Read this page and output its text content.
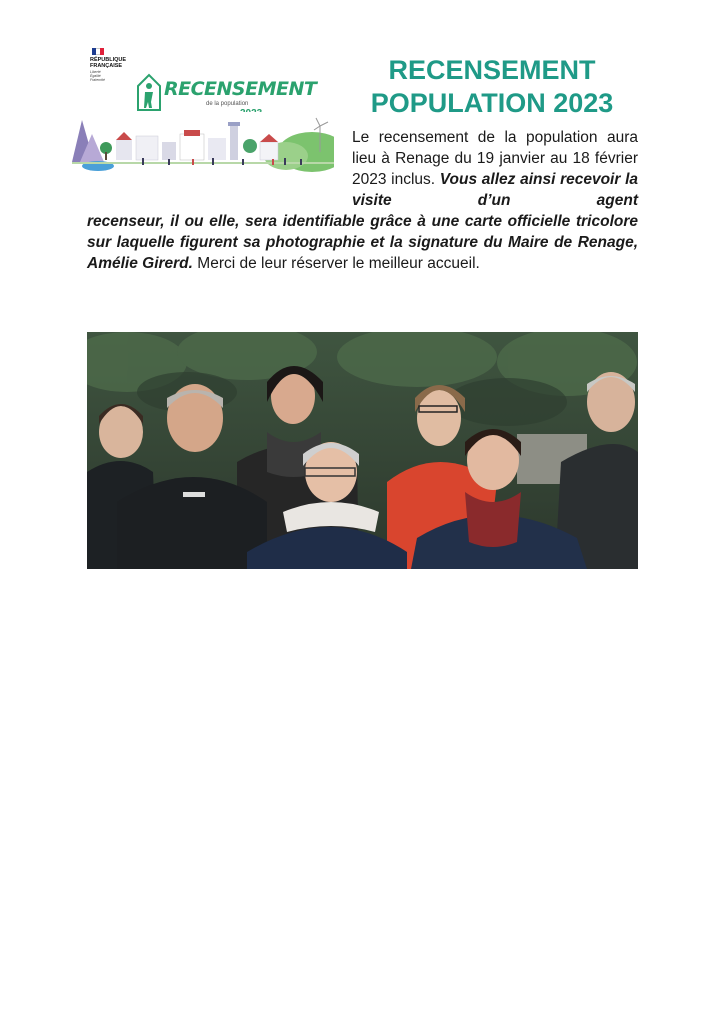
RÉPUBLIQUE
FRANÇAISE
Liberté
Égalité
Fraternité	RECENSEMENT
de la population
RECENSEMENT
POPULATION 2023
Le recensement de la population aura lieu à Renage du 19 janvier au 18 février 2023 inclus. Vous allez ainsi recevoir la visite d’un agent
recenseur, il ou elle, sera identifiable grâce à une carte officielle tricolore sur laquelle figurent sa photographie et la signature du Maire de Renage, Amélie Girerd. Merci de leur réserver le meilleur accueil.
